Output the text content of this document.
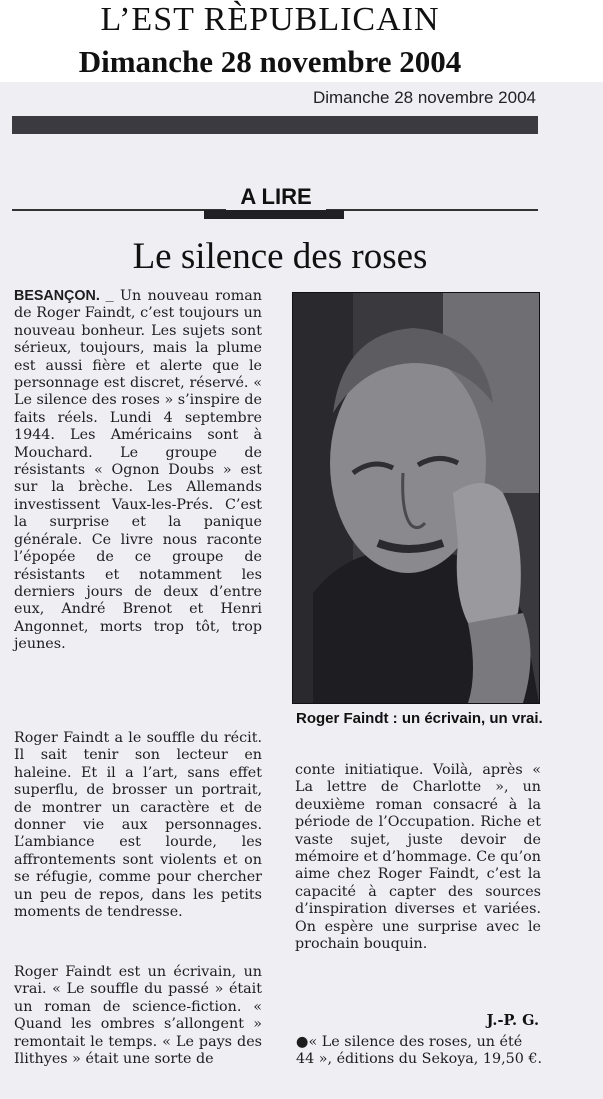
L’EST RÈPUBLICAIN
Dimanche 28 novembre 2004
Dimanche 28 novembre 2004
A LIRE
Le silence des roses

BESANÇON. _ Un nouveau roman de Roger Faindt, c’est toujours un nouveau bonheur. Les sujets sont sérieux, toujours, mais la plume est aussi fière et alerte que le personnage est discret, réservé. « Le silence des roses » s’inspire de faits réels. Lundi 4 septembre 1944. Les Américains sont à Mouchard. Le groupe de résistants « Ognon Doubs » est sur la brèche. Les Allemands investissent Vaux-les-Prés. C’est la surprise et la panique générale. Ce livre nous raconte l’épopée de ce groupe de résistants et notamment les derniers jours de deux d’entre eux, André Brenot et Henri Angonnet, morts trop tôt, trop jeunes.

Roger Faindt a le souffle du récit. Il sait tenir son lecteur en haleine. Et il a l’art, sans effet superflu, de brosser un portrait, de montrer un caractère et de donner vie aux personnages. L’ambiance est lourde, les affrontements sont violents et on se réfugie, comme pour chercher un peu de repos, dans les petits moments de tendresse.

Roger Faindt est un écrivain, un vrai. « Le souffle du passé » était un roman de science-fiction. « Quand les ombres s’allongent » remontait le temps. « Le pays des Ilithyes » était une sorte de

Roger Faindt : un écrivain, un vrai.

conte initiatique. Voilà, après « La lettre de Charlotte », un deuxième roman consacré à la période de l’Occupation. Riche et vaste sujet, juste devoir de mémoire et d’hommage. Ce qu’on aime chez Roger Faindt, c’est la capacité à capter des sources d’inspiration diverses et variées. On espère une surprise avec le prochain bouquin.

J.-P. G.
●« Le silence des roses, un été 44 », éditions du Sekoya, 19,50 €.
